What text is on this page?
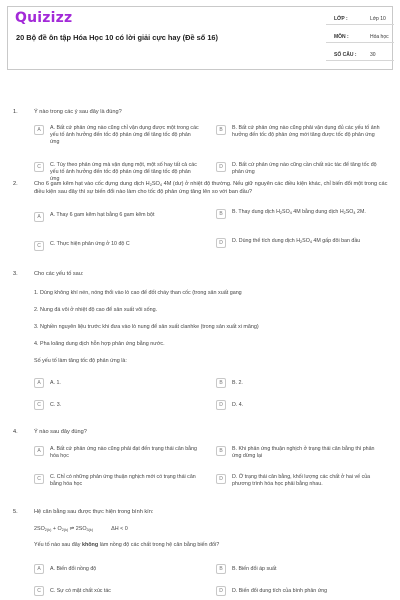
Quizizz
20 Bộ đề ôn tập Hóa Học 10 có lời giải cực hay (Đề số 16)
LỚP :	Lớp 10
MÔN :	Hóa học
SỐ CÂU :	30
1.	Ý nào trong các ý sau đây là đúng?
A	A. Bất cứ phản ứng nào cũng chỉ vận dụng được một trong các yếu tố ảnh hưởng đến tốc độ phản ứng để tăng tốc độ phản ứng
B	B. Bất cứ phản ứng nào cũng phải vận dụng đủ các yếu tố ảnh hưởng đến tốc độ phản ứng mới tăng được tốc độ phản ứng
C	C. Tùy theo phản ứng mà vận dụng một, một số hay tất cả các yếu tố ảnh hưởng đến tốc độ phản ứng để tăng tốc độ phản ứng
D	D. Bất cứ phản ứng nào cũng cần chất xúc tác để tăng tốc độ phản ứng
2.	Cho 6 gam kẽm hạt vào cốc đựng dung dịch $H_2SO_4$ 4M (dư) ở nhiệt độ thường. Nếu giữ nguyên các điều kiện khác, chỉ biến đổi một trong các điều kiện sau đây thì sự biến đổi nào làm cho tốc độ phản ứng tăng lên so với ban đầu?
A	A. Thay 6 gam kẽm hạt bằng 6 gam kẽm bột	B	B. Thay dung dịch $H_2SO_4$ 4M bằng dung dịch $H_2SO_4$ 2M.
C	C. Thực hiện phản ứng ở 10 độ C	D	D. Dùng thể tích dung dịch $H_2SO_4$ 4M gấp đôi ban đầu
3.	Cho các yếu tố sau:
1. Dùng không khí nén, nóng thổi vào lò cao để đốt cháy than cốc (trong sản xuất gang
2. Nung đá vôi ở nhiệt độ cao để sản xuất vôi sống.
3. Nghiền nguyên liệu trước khi đưa vào lò nung để sản xuất clanhke (trong sản xuất xi măng)
4. Pha loãng dung dịch hỗn hợp phản ứng bằng nước.
Số yếu tố làm tăng tốc độ phản ứng là:
A	A. 1.	B	B. 2.
C	C. 3.	D	D. 4.
4.	Ý nào sau đây đúng?
A	A. Bất cứ phản ứng nào cũng phải đạt đến trạng thái cân bằng hóa học
B	B. Khi phản ứng thuận nghịch ở trạng thái cân bằng thì phản ứng dừng lại
C	C. Chỉ có những phản ứng thuận nghịch mới có trạng thái cân bằng hóa học
D	D. Ở trạng thái cân bằng, khối lượng các chất ở hai vế của phương trình hóa học phải bằng nhau.
5.	Hệ cân bằng sau được thực hiện trong bình kín:
$2SO_{2(k)} + O_{2(k)}$ ⇌ $2SO_{3(k)}$	ΔH < 0
Yếu tố nào sau đây không làm nồng độ các chất trong hệ cân bằng biến đổi?
A	A. Biến đổi nồng độ	B	B. Biến đổi áp suất
C	C. Sự có mặt chất xúc tác	D	D. Biến đổi dung tích của bình phản ứng
